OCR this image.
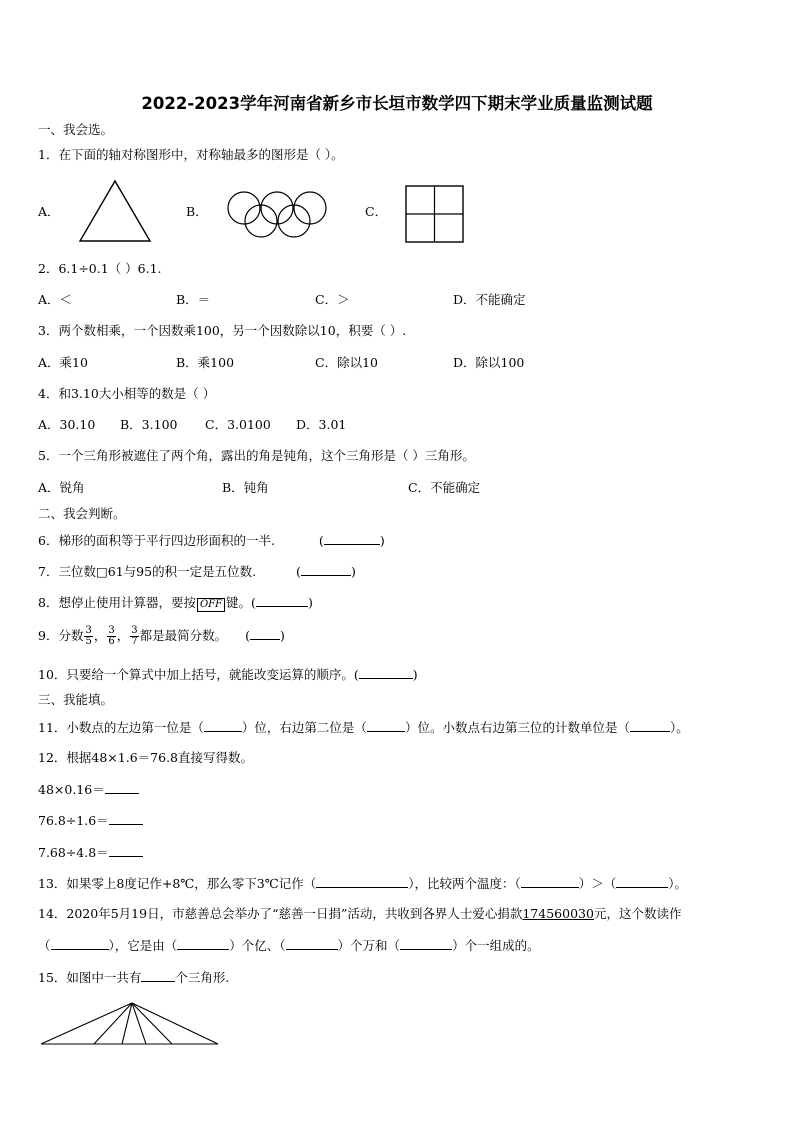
2022-2023学年河南省新乡市长垣市数学四下期末学业质量监测试题
一、我会选。
1．在下面的轴对称图形中，对称轴最多的图形是（ ）。
A．	B．	C．
2．6.1÷0.1（ ）6.1.
A．＜	B．＝	C．＞	D．不能确定
3．两个数相乘，一个因数乘100，另一个因数除以10，积要（ ）.
A．乘10	B．乘100	C．除以10	D．除以100
4．和3.10大小相等的数是（ ）
A．30.10 B．3.100 C．3.0100 D．3.01
5．一个三角形被遮住了两个角，露出的角是钝角，这个三角形是（ ）三角形。
A．锐角	B．钝角	C．不能确定
二、我会判断。
6．梯形的面积等于平行四边形面积的一半.	(	)
7．三位数□61与95的积一定是五位数.	(	)
8．想停止使用计算器，要按 OFF 键。(	)
9．分数 $\frac{3}{5}$ ， $\frac{3}{6}$ ， $\frac{3}{7}$ 都是最简分数。 ( )
10．只要给一个算式中加上括号，就能改变运算的顺序。(	)
三、我能填。
11．小数点的左边第一位是（	）位，右边第二位是（	）位。小数点右边第三位的计数单位是（	）。
12．根据48×1.6＝76.8直接写得数。
48×0.16＝
76.8÷1.6＝
7.68÷4.8＝
13．如果零上8度记作+8℃，那么零下3℃记作（	），比较两个温度：（	）＞（	）。
14．2020年5月19日，市慈善总会举办了“慈善一日捐”活动，共收到各界人士爱心捐款174560030元，这个数读作
（	），它是由（	）个亿、（	）个万和（	）个一组成的。
15．如图中一共有	个三角形.
